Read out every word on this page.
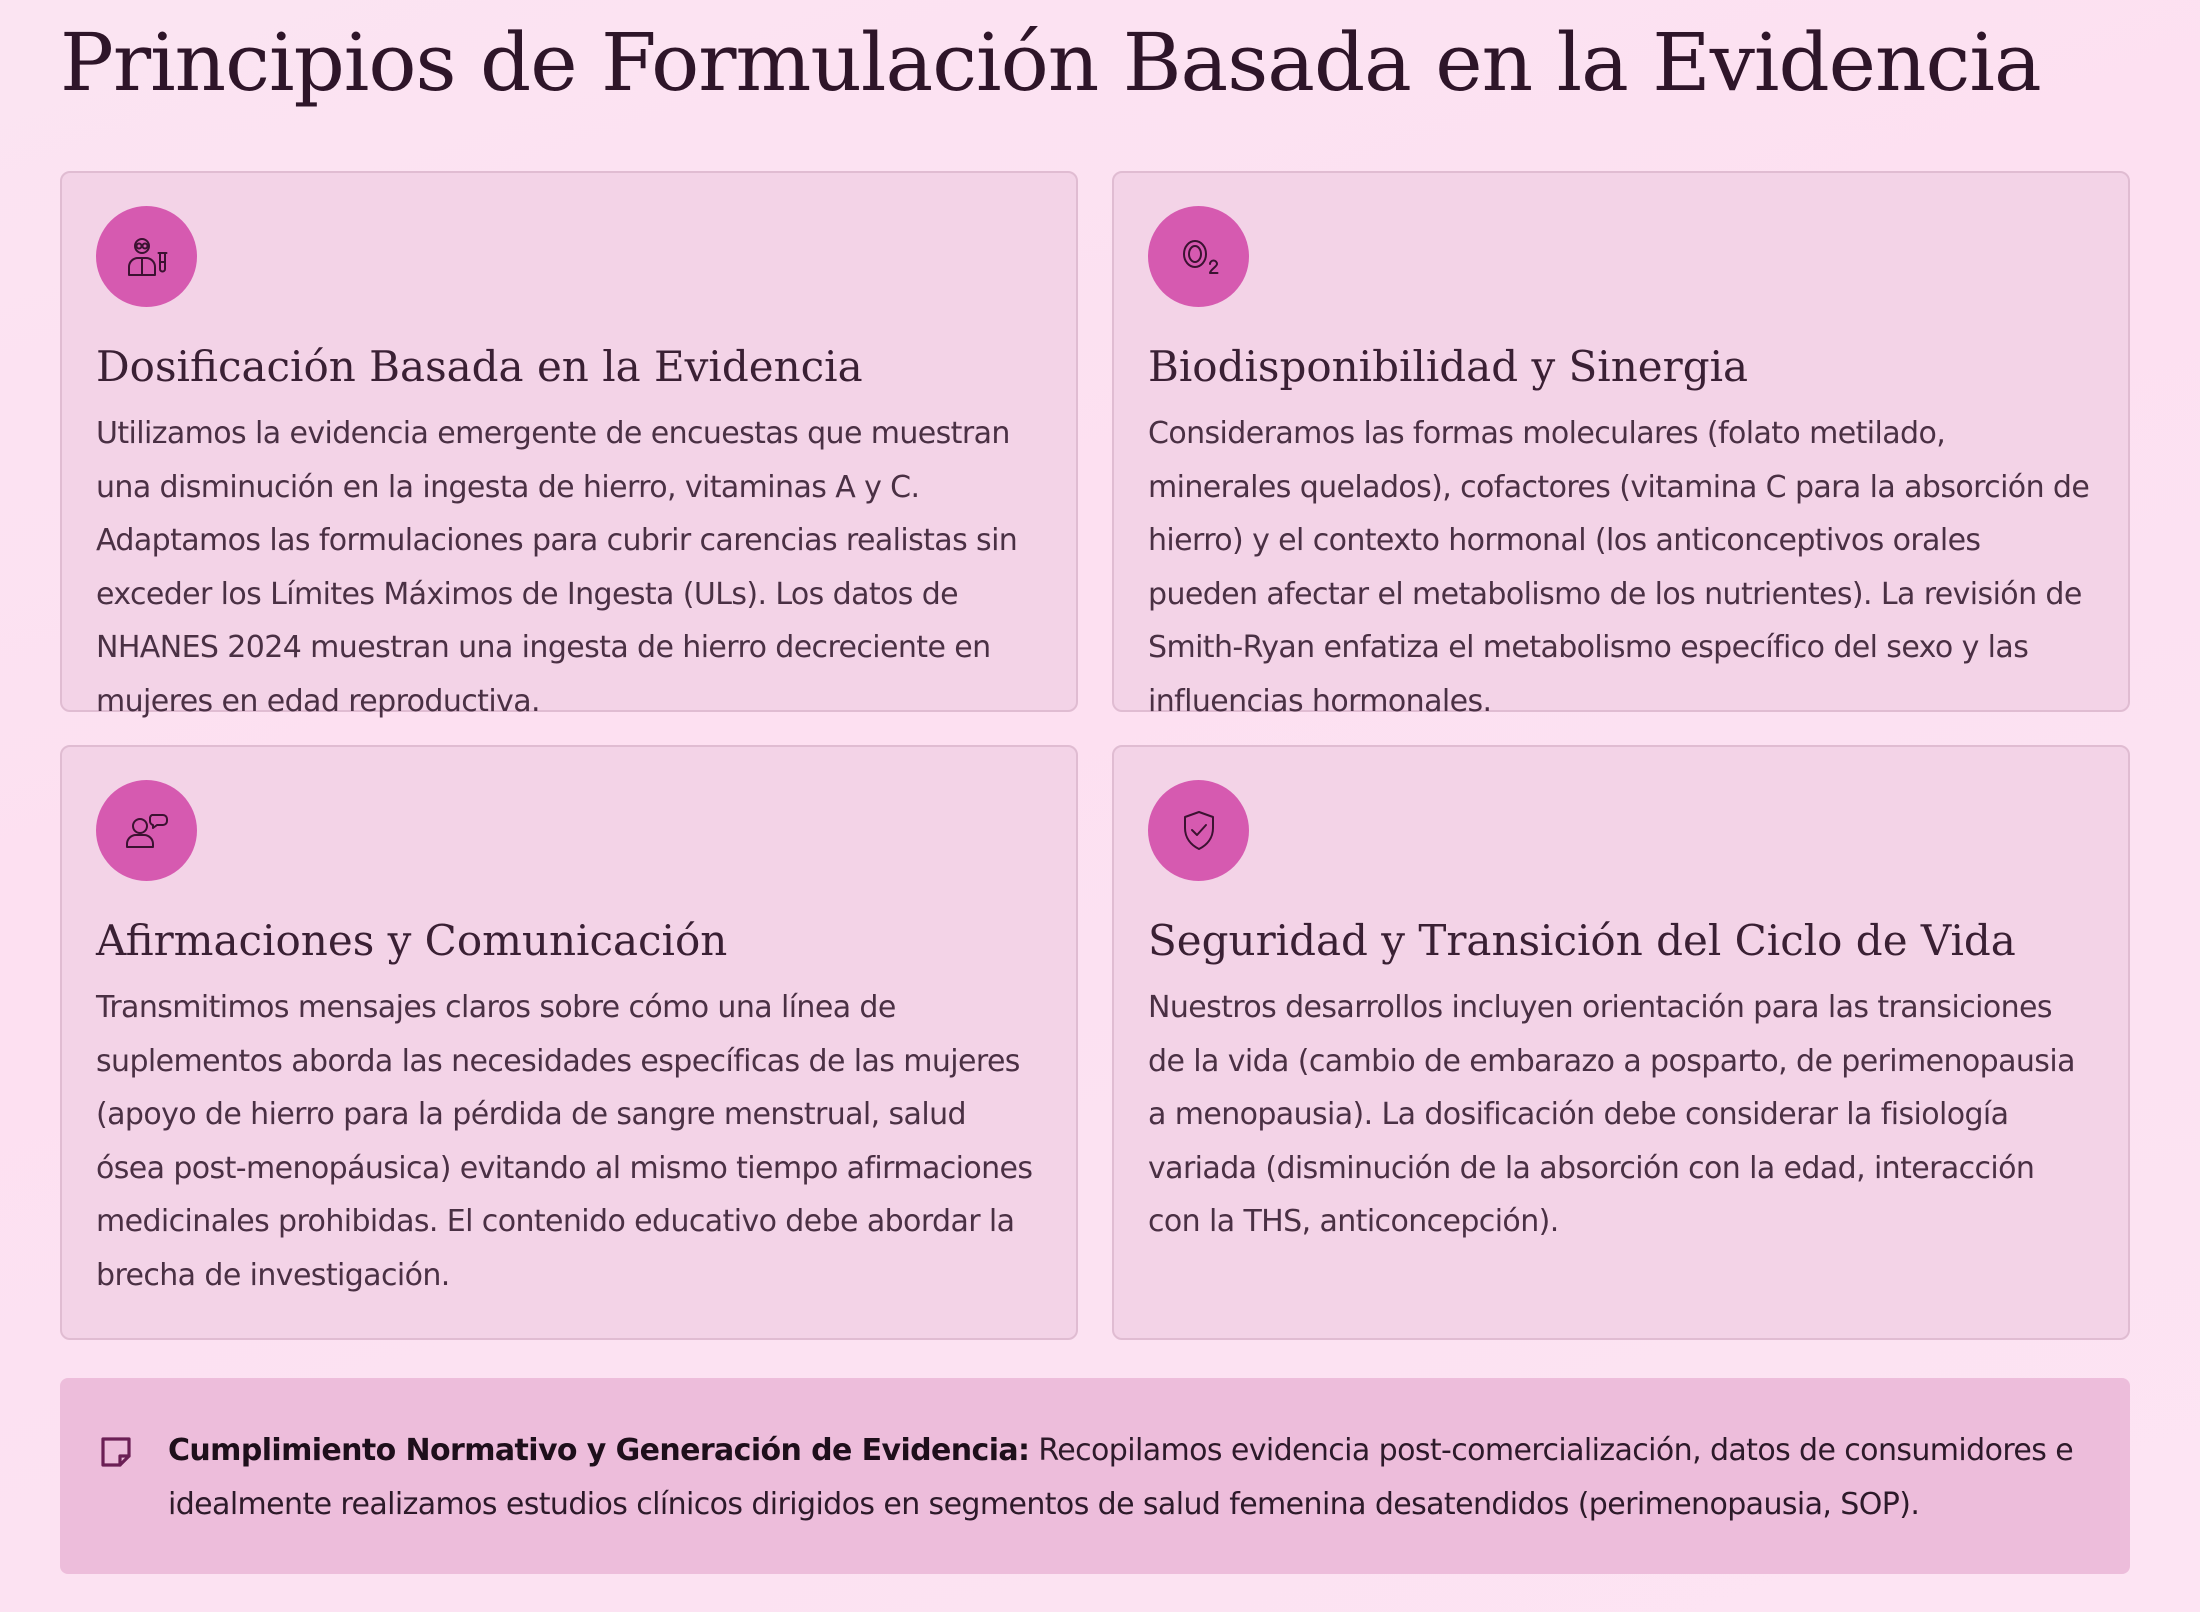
Principios de Formulación Basada en la Evidencia
Dosificación Basada en la Evidencia

Utilizamos la evidencia emergente de encuestas que muestran una disminución en la ingesta de hierro, vitaminas A y C. Adaptamos las formulaciones para cubrir carencias realistas sin exceder los Límites Máximos de Ingesta (ULs). Los datos de NHANES 2024 muestran una ingesta de hierro decreciente en mujeres en edad reproductiva.

Biodisponibilidad y Sinergia

Consideramos las formas moleculares (folato metilado, minerales quelados), cofactores (vitamina C para la absorción de hierro) y el contexto hormonal (los anticonceptivos orales pueden afectar el metabolismo de los nutrientes). La revisión de Smith-Ryan enfatiza el metabolismo específico del sexo y las influencias hormonales.

Afirmaciones y Comunicación

Transmitimos mensajes claros sobre cómo una línea de suplementos aborda las necesidades específicas de las mujeres (apoyo de hierro para la pérdida de sangre menstrual, salud ósea post-menopáusica) evitando al mismo tiempo afirmaciones medicinales prohibidas. El contenido educativo debe abordar la brecha de investigación.

Seguridad y Transición del Ciclo de Vida

Nuestros desarrollos incluyen orientación para las transiciones de la vida (cambio de embarazo a posparto, de perimenopausia a menopausia). La dosificación debe considerar la fisiología variada (disminución de la absorción con la edad, interacción con la THS, anticoncepción).

Cumplimiento Normativo y Generación de Evidencia: Recopilamos evidencia post-comercialización, datos de consumidores e idealmente realizamos estudios clínicos dirigidos en segmentos de salud femenina desatendidos (perimenopausia, SOP).
